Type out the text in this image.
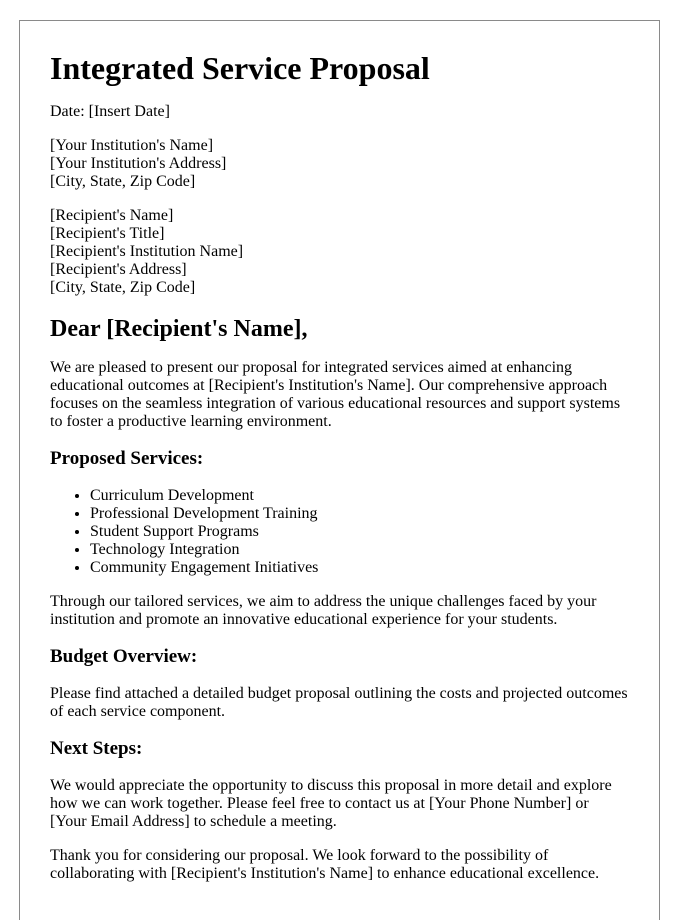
Integrated Service Proposal

Date: [Insert Date]

[Your Institution's Name]
[Your Institution's Address]
[City, State, Zip Code]
[Recipient's Name]
[Recipient's Title]
[Recipient's Institution Name]
[Recipient's Address]
[City, State, Zip Code]
Dear [Recipient's Name],

We are pleased to present our proposal for integrated services aimed at enhancing educational outcomes at [Recipient's Institution's Name]. Our comprehensive approach focuses on the seamless integration of various educational resources and support systems to foster a productive learning environment.

Proposed Services:
• Curriculum Development
• Professional Development Training
• Student Support Programs
• Technology Integration
• Community Engagement Initiatives

Through our tailored services, we aim to address the unique challenges faced by your institution and promote an innovative educational experience for your students.

Budget Overview:

Please find attached a detailed budget proposal outlining the costs and projected outcomes of each service component.

Next Steps:

We would appreciate the opportunity to discuss this proposal in more detail and explore how we can work together. Please feel free to contact us at [Your Phone Number] or [Your Email Address] to schedule a meeting.

Thank you for considering our proposal. We look forward to the possibility of collaborating with [Recipient's Institution's Name] to enhance educational excellence.
